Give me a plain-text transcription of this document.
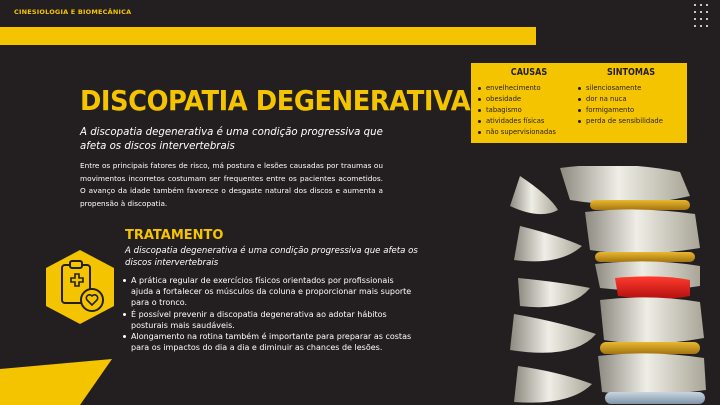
CINESIOLOGIA E BIOMECÂNICA
DISCOPATIA DEGENERATIVA
A discopatia degenerativa é uma condição progressiva que afeta os discos intervertebrais
Entre os principais fatores de risco, má postura e lesões causadas por traumas ou movimentos incorretos costumam ser frequentes entre os pacientes acometidos. O avanço da idade também favorece o desgaste natural dos discos e aumenta a propensão à discopatia.
CAUSAS
envelhecimento
obesidade
tabagismo
atividades físicas
não supervisionadas
SINTOMAS
silenciosamente
dor na nuca
formigamento
perda de sensibilidade
TRATAMENTO
A discopatia degenerativa é uma condição progressiva que afeta os discos intervertebrais
A prática regular de exercícios físicos orientados por profissionais ajuda a fortalecer os músculos da coluna e proporcionar mais suporte para o tronco.
É possível prevenir a discopatia degenerativa ao adotar hábitos posturais mais saudáveis.
Alongamento na rotina também é importante para preparar as costas para os impactos do dia a dia e diminuir as chances de lesões.
